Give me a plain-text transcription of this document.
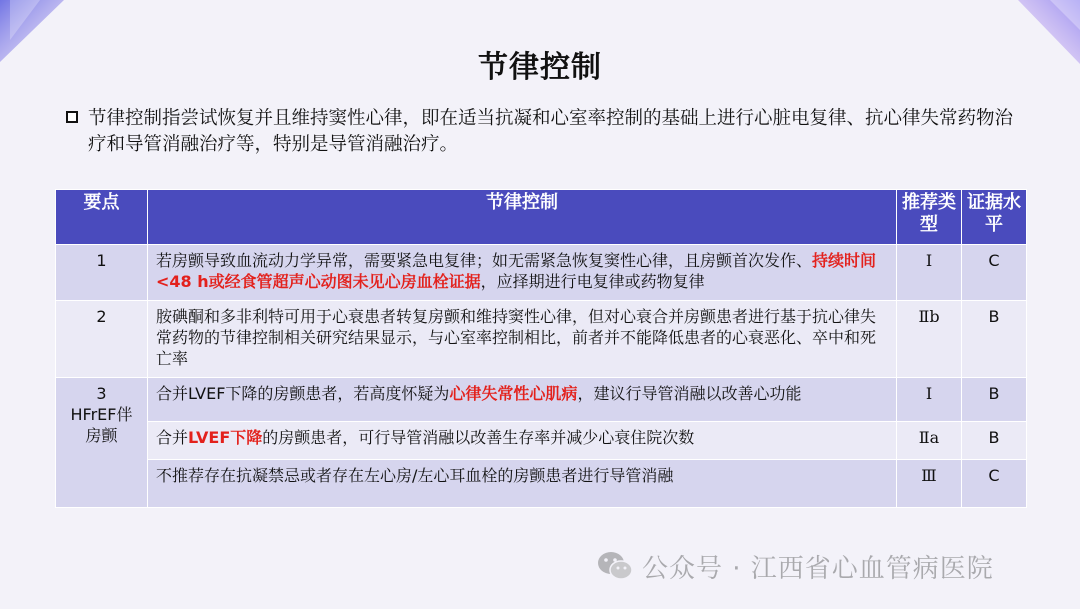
节律控制
节律控制指尝试恢复并且维持窦性心律，即在适当抗凝和心室率控制的基础上进行心脏电复律、抗心律失常药物治疗和导管消融治疗等，特别是导管消融治疗。
要点	节律控制	推荐类型	证据水平
1	若房颤导致血流动力学异常，需要紧急电复律；如无需紧急恢复窦性心律，且房颤首次发作、持续时间<48 h或经食管超声心动图未见心房血栓证据，应择期进行电复律或药物复律	Ⅰ	C
2	胺碘酮和多非利特可用于心衰患者转复房颤和维持窦性心律，但对心衰合并房颤患者进行基于抗心律失常药物的节律控制相关研究结果显示，与心室率控制相比，前者并不能降低患者的心衰恶化、卒中和死亡率	Ⅱb	B

3
HFrEF伴房颤	合并LVEF下降的房颤患者，若高度怀疑为心律失常性心肌病，建议行导管消融以改善心功能	Ⅰ	B
	合并LVEF下降的房颤患者，可行导管消融以改善生存率并减少心衰住院次数	Ⅱa	B
	不推荐存在抗凝禁忌或者存在左心房/左心耳血栓的房颤患者进行导管消融	Ⅲ	C
公众号 · 江西省心血管病医院
